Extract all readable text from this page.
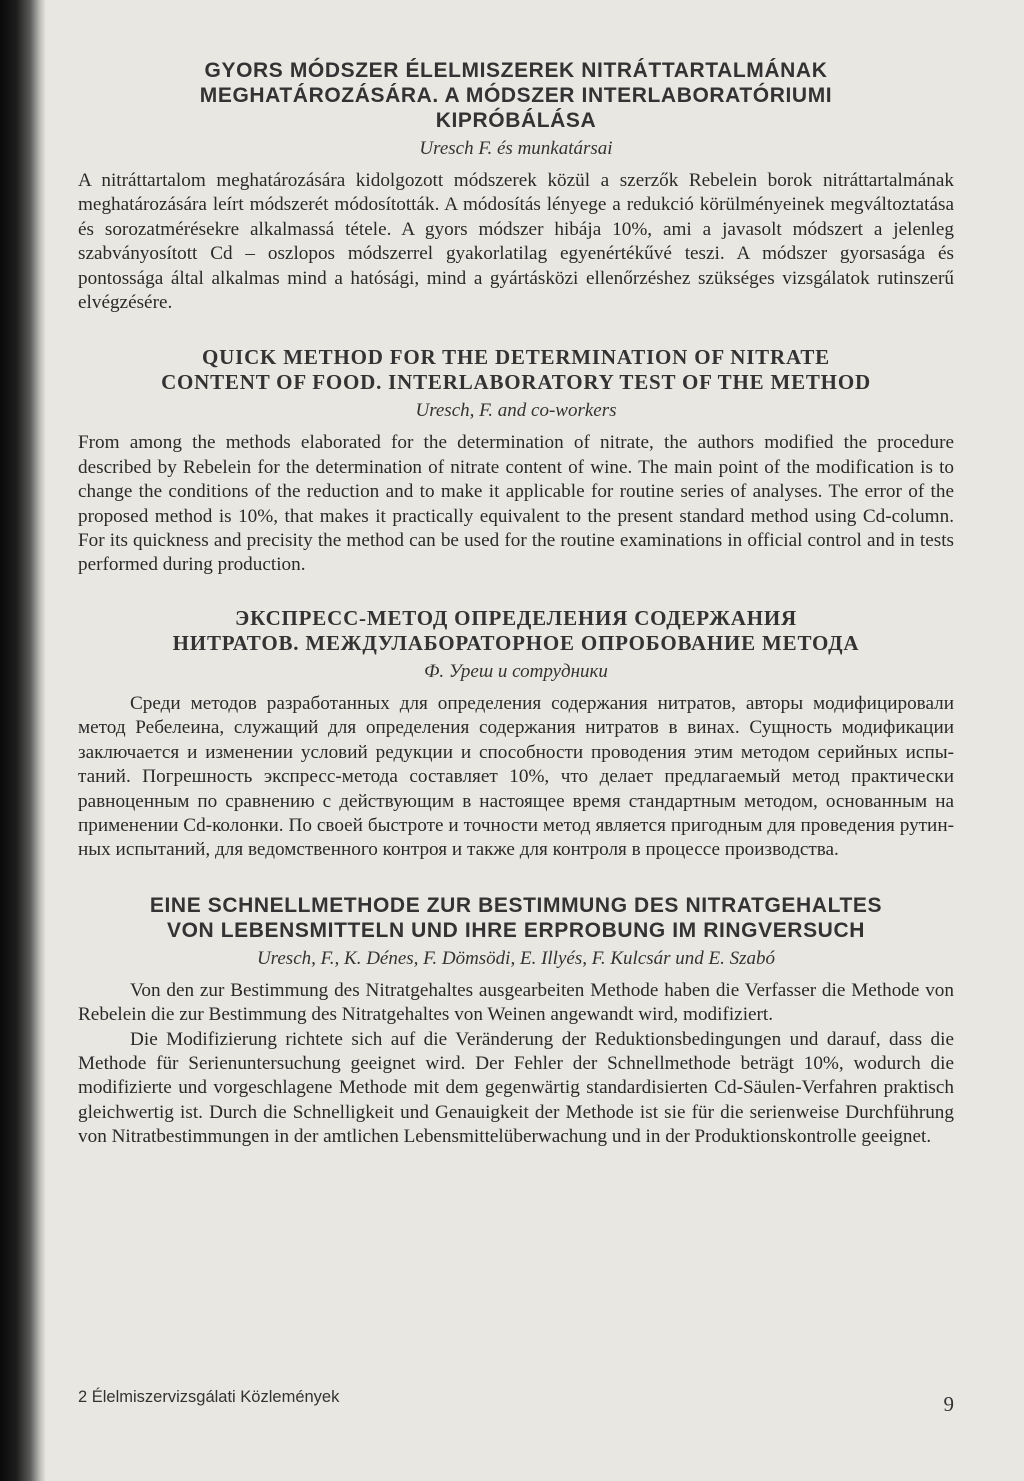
GYORS MÓDSZER ÉLELMISZEREK NITRÁTTARTALMÁNAK
MEGHATÁROZÁSÁRA. A MÓDSZER INTERLABORATÓRIUMI
KIPRÓBÁLÁSA
Uresch F. és munkatársai

A nitráttartalom meghatározására kidolgozott módszerek közül a szerzők Rebelein borok nitráttartalmának meghatározására leírt módszerét módosították. A módosítás lényege a redukció körülményeinek megváltoztatása és sorozatmérésekre alkalmassá tétele. A gyors módszer hibája 10%, ami a javasolt módszert a jelenleg szabványosított Cd – oszlopos módszerrel gyakorlatilag egyenértékűvé teszi. A módszer gyorsasága és pontossága által alkalmas mind a hatósági, mind a gyártásközi ellenőrzéshez szükséges vizsgálatok rutinszerű elvégzésére.

QUICK METHOD FOR THE DETERMINATION OF NITRATE
CONTENT OF FOOD. INTERLABORATORY TEST OF THE METHOD
Uresch, F. and co-workers

From among the methods elaborated for the determination of nitrate, the authors modified the procedure described by Rebelein for the determination of nitrate content of wine. The main point of the modification is to change the conditions of the reduction and to make it applicable for routine series of analyses. The error of the proposed method is 10%, that makes it practically equivalent to the present standard method using Cd-column. For its quickness and precisity the method can be used for the routine examinations in official control and in tests performed during production.

ЭКСПРЕСС-МЕТОД ОПРЕДЕЛЕНИЯ СОДЕРЖАНИЯ
НИТРАТОВ. МЕЖДУЛАБОРАТОРНОЕ ОПРОБОВАНИЕ МЕТОДА
Ф. Уреш и сотрудники

Среди методов разработанных для определения содержания нитратов, авторы модифицировали метод Ребелеина, служащий для определения содержания нитратов в винах. Сущность модификации заключается и изменении условий редукции и способности проводения этим методом серийных испытаний. Погрешность экспресс-метода составляет 10%, что делает предлагаемый метод практически равноценным по сравнению с действующим в настоящее время стандартным методом, основанным на применении Cd-колонки. По своей быстроте и точности метод является пригодным для проведения рутинных испытаний, для ведомственного контроя и также для контроля в процессе производства.

EINE SCHNELLMETHODE ZUR BESTIMMUNG DES NITRATGEHALTES
VON LEBENSMITTELN UND IHRE ERPROBUNG IM RINGVERSUCH
Uresch, F., K. Dénes, F. Dömsödi, E. Illyés, F. Kulcsár und E. Szabó

Von den zur Bestimmung des Nitratgehaltes ausgearbeiten Methode haben die Verfasser die Methode von Rebelein die zur Bestimmung des Nitratgehaltes von Weinen angewandt wird, modifiziert.

Die Modifizierung richtete sich auf die Veränderung der Reduktionsbedingungen und darauf, dass die Methode für Serienuntersuchung geeignet wird. Der Fehler der Schnellmethode beträgt 10%, wodurch die modifizierte und vorgeschlagene Methode mit dem gegenwärtig standardisierten Cd-Säulen-Verfahren praktisch gleichwertig ist. Durch die Schnelligkeit und Genauigkeit der Methode ist sie für die serienweise Durchführung von Nitratbestimmungen in der amtlichen Lebensmittelüberwachung und in der Produktionskontrolle geeignet.

2 Élelmiszervizsgálati Közlemények	9
